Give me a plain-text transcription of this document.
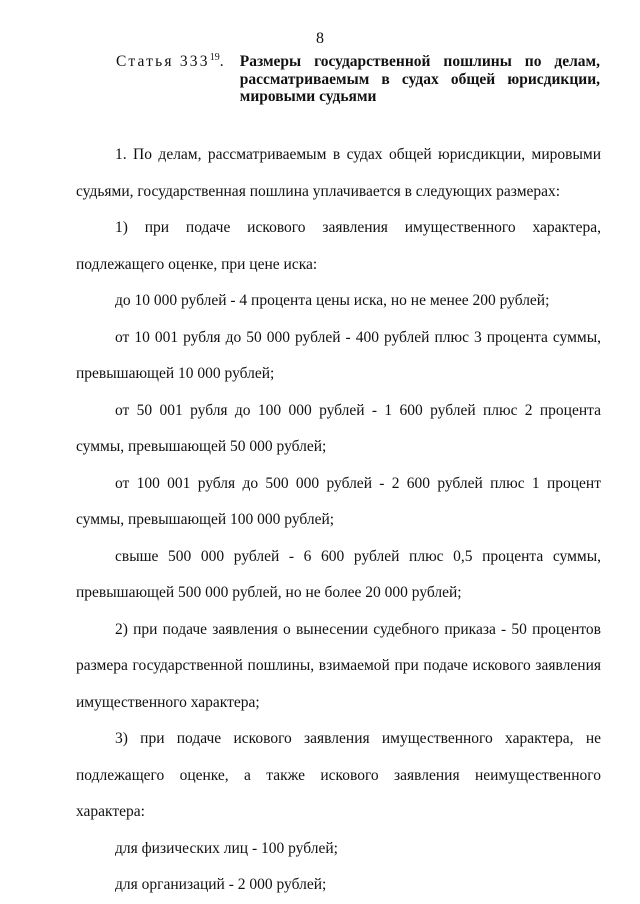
8
Статья $333^{19}$. Размеры государственной пошлины по делам, рассматриваемым в судах общей юрисдикции, мировыми судьями

1. По делам, рассматриваемым в судах общей юрисдикции, мировыми судьями, государственная пошлина уплачивается в следующих размерах:

1) при подаче искового заявления имущественного характера, подлежащего оценке, при цене иска:

до 10 000 рублей - 4 процента цены иска, но не менее 200 рублей;

от 10 001 рубля до 50 000 рублей - 400 рублей плюс 3 процента суммы, превышающей 10 000 рублей;

от 50 001 рубля до 100 000 рублей - 1 600 рублей плюс 2 процента суммы, превышающей 50 000 рублей;

от 100 001 рубля до 500 000 рублей - 2 600 рублей плюс 1 процент суммы, превышающей 100 000 рублей;

свыше 500 000 рублей - 6 600 рублей плюс 0,5 процента суммы, превышающей 500 000 рублей, но не более 20 000 рублей;

2) при подаче заявления о вынесении судебного приказа - 50 процентов размера государственной пошлины, взимаемой при подаче искового заявления имущественного характера;

3) при подаче искового заявления имущественного характера, не подлежащего оценке, а также искового заявления неимущественного характера:

для физических лиц - 100 рублей;

для организаций - 2 000 рублей;
